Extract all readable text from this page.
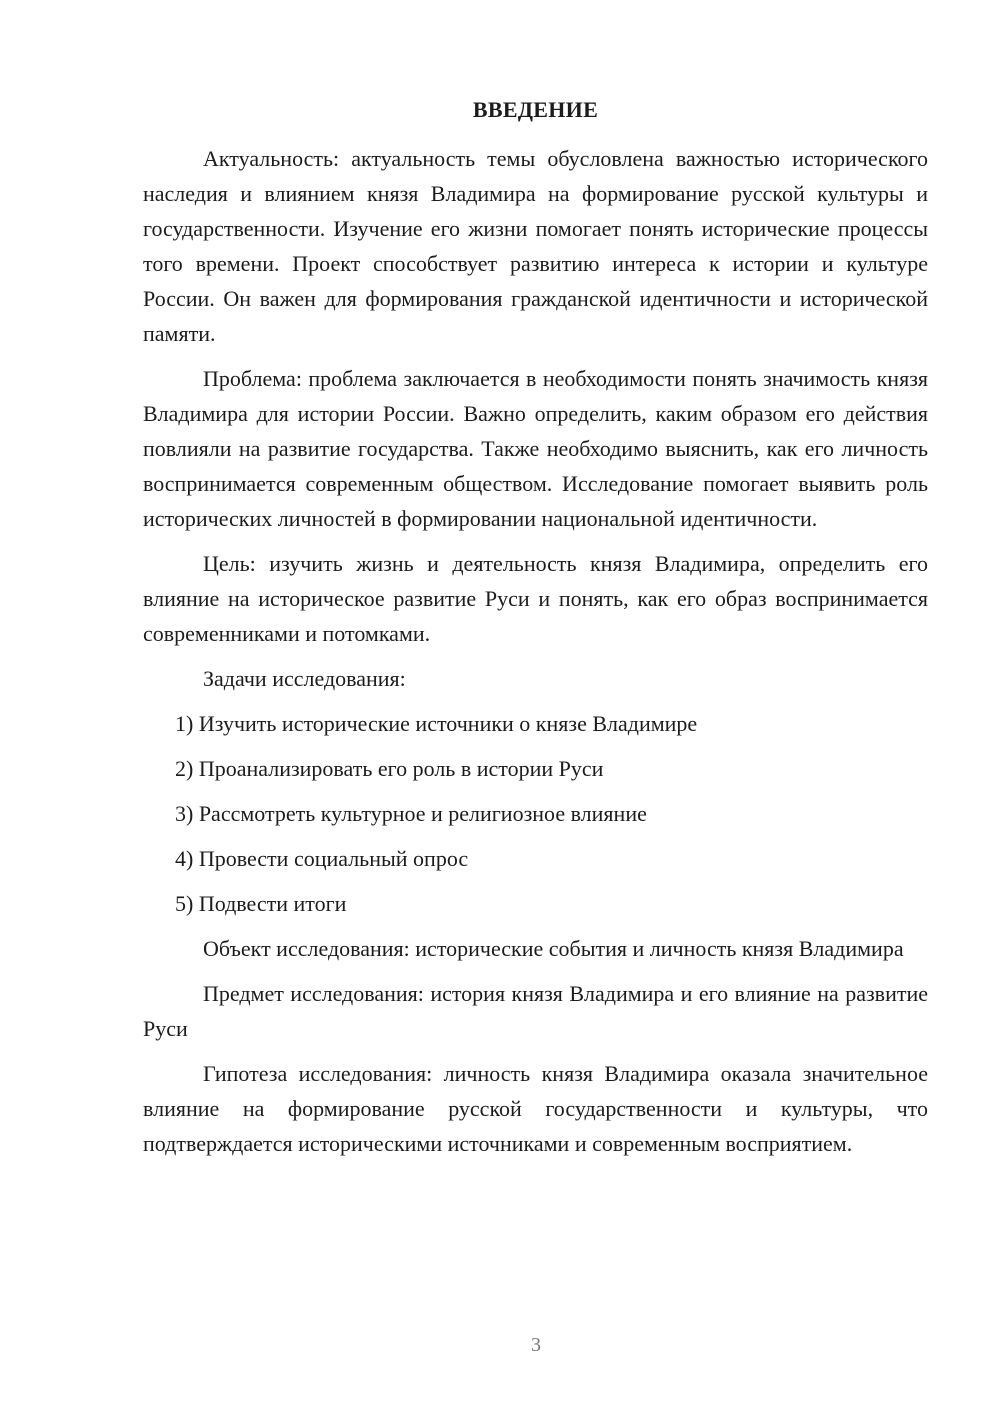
ВВЕДЕНИЕ

Актуальность: актуальность темы обусловлена важностью исторического наследия и влиянием князя Владимира на формирование русской культуры и государственности. Изучение его жизни помогает понять исторические процессы того времени. Проект способствует развитию интереса к истории и культуре России. Он важен для формирования гражданской идентичности и исторической памяти.

Проблема: проблема заключается в необходимости понять значимость князя Владимира для истории России. Важно определить, каким образом его действия повлияли на развитие государства. Также необходимо выяснить, как его личность воспринимается современным обществом. Исследование помогает выявить роль исторических личностей в формировании национальной идентичности.

Цель: изучить жизнь и деятельность князя Владимира, определить его влияние на историческое развитие Руси и понять, как его образ воспринимается современниками и потомками.

Задачи исследования:

1) Изучить исторические источники о князе Владимире
2) Проанализировать его роль в истории Руси
3) Рассмотреть культурное и религиозное влияние
4) Провести социальный опрос
5) Подвести итоги

Объект исследования: исторические события и личность князя Владимира

Предмет исследования: история князя Владимира и его влияние на развитие Руси

Гипотеза исследования: личность князя Владимира оказала значительное влияние на формирование русской государственности и культуры, что подтверждается историческими источниками и современным восприятием.

3
